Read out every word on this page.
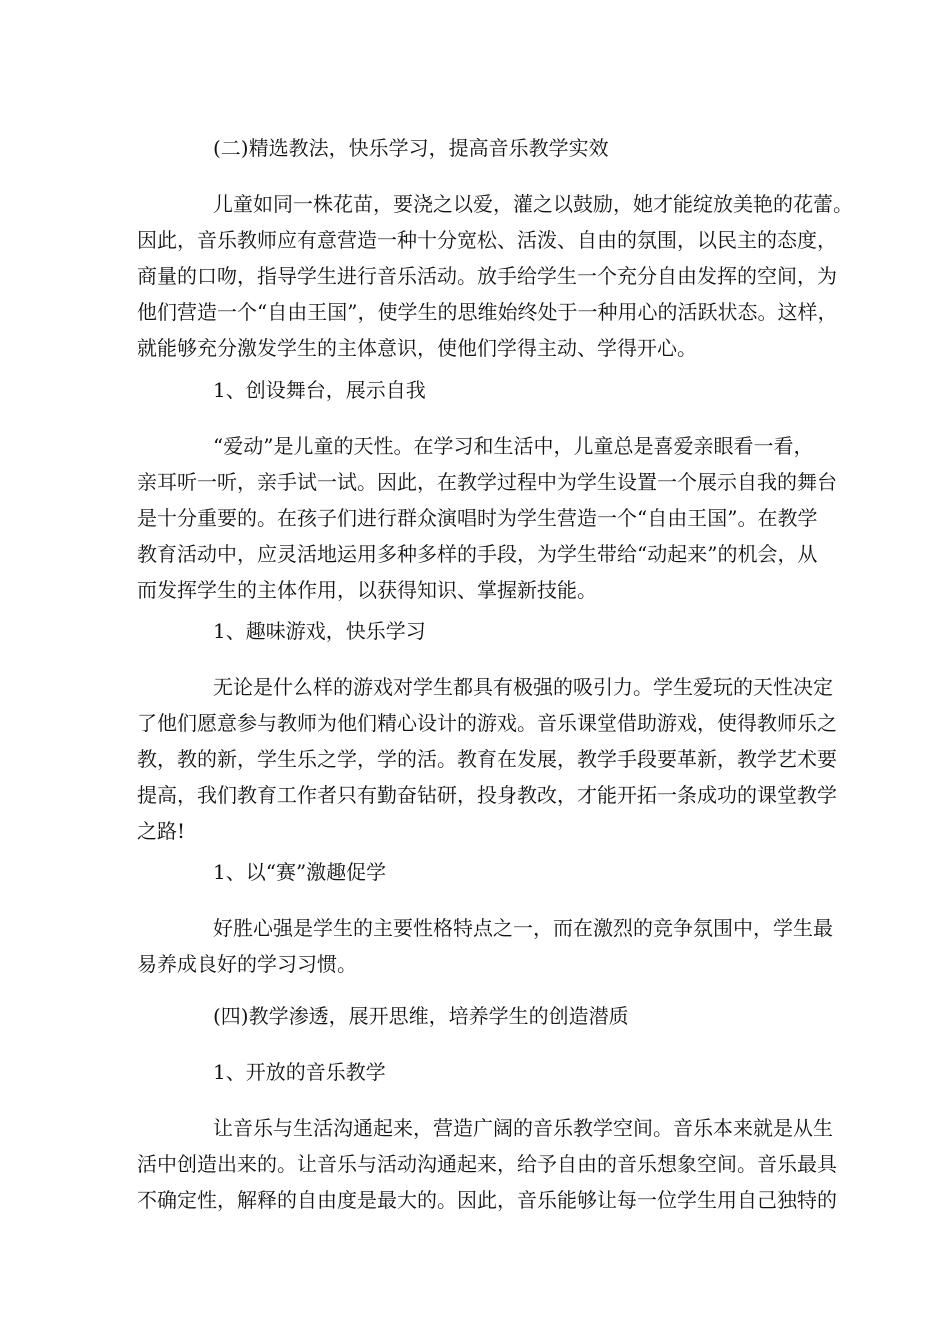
(二)精选教法，快乐学习，提高音乐教学实效
儿童如同一株花苗，要浇之以爱，灌之以鼓励，她才能绽放美艳的花蕾。
因此，音乐教师应有意营造一种十分宽松、活泼、自由的氛围，以民主的态度，
商量的口吻，指导学生进行音乐活动。放手给学生一个充分自由发挥的空间，为
他们营造一个“自由王国”，使学生的思维始终处于一种用心的活跃状态。这样，
就能够充分激发学生的主体意识，使他们学得主动、学得开心。
1、创设舞台，展示自我
“爱动”是儿童的天性。在学习和生活中，儿童总是喜爱亲眼看一看，
亲耳听一听，亲手试一试。因此，在教学过程中为学生设置一个展示自我的舞台
是十分重要的。在孩子们进行群众演唱时为学生营造一个“自由王国”。在教学
教育活动中，应灵活地运用多种多样的手段，为学生带给“动起来”的机会，从
而发挥学生的主体作用，以获得知识、掌握新技能。
1、趣味游戏，快乐学习
无论是什么样的游戏对学生都具有极强的吸引力。学生爱玩的天性决定
了他们愿意参与教师为他们精心设计的游戏。音乐课堂借助游戏，使得教师乐之
教，教的新，学生乐之学，学的活。教育在发展，教学手段要革新，教学艺术要
提高，我们教育工作者只有勤奋钻研，投身教改，才能开拓一条成功的课堂教学
之路!
1、以“赛”激趣促学
好胜心强是学生的主要性格特点之一，而在激烈的竞争氛围中，学生最
易养成良好的学习习惯。
(四)教学渗透，展开思维，培养学生的创造潜质
1、开放的音乐教学
让音乐与生活沟通起来，营造广阔的音乐教学空间。音乐本来就是从生
活中创造出来的。让音乐与活动沟通起来，给予自由的音乐想象空间。音乐最具
不确定性，解释的自由度是最大的。因此，音乐能够让每一位学生用自己独特的
